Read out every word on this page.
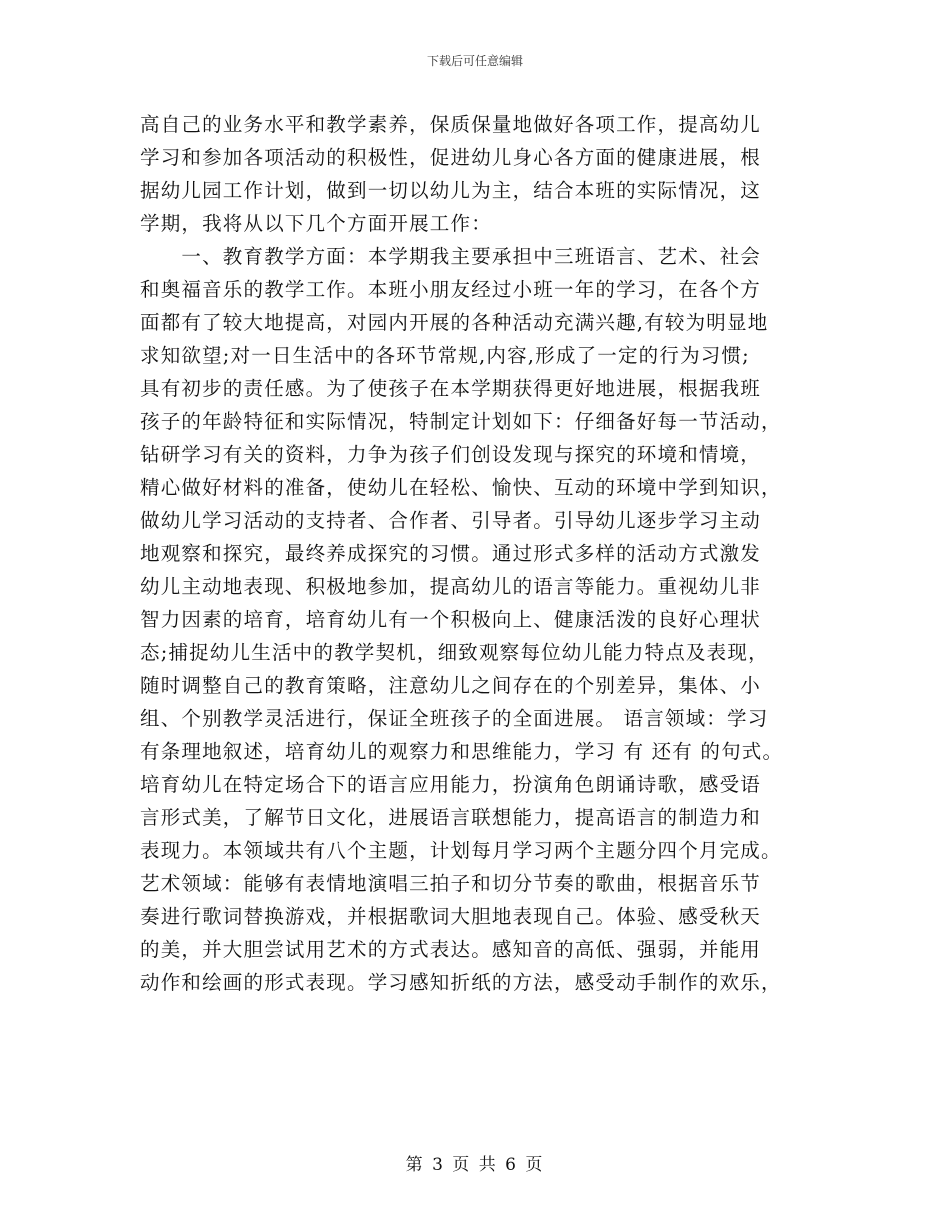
下载后可任意编辑
高自己的业务水平和教学素养，保质保量地做好各项工作，提高幼儿
学习和参加各项活动的积极性，促进幼儿身心各方面的健康进展，根
据幼儿园工作计划，做到一切以幼儿为主，结合本班的实际情况，这
学期，我将从以下几个方面开展工作：
　　一、教育教学方面：本学期我主要承担中三班语言、艺术、社会
和奥福音乐的教学工作。本班小朋友经过小班一年的学习，在各个方
面都有了较大地提高，对园内开展的各种活动充满兴趣,有较为明显地
求知欲望;对一日生活中的各环节常规,内容,形成了一定的行为习惯;
具有初步的责任感。为了使孩子在本学期获得更好地进展，根据我班
孩子的年龄特征和实际情况，特制定计划如下：仔细备好每一节活动，
钻研学习有关的资料，力争为孩子们创设发现与探究的环境和情境，
精心做好材料的准备，使幼儿在轻松、愉快、互动的环境中学到知识，
做幼儿学习活动的支持者、合作者、引导者。引导幼儿逐步学习主动
地观察和探究，最终养成探究的习惯。通过形式多样的活动方式激发
幼儿主动地表现、积极地参加，提高幼儿的语言等能力。重视幼儿非
智力因素的培育，培育幼儿有一个积极向上、健康活泼的良好心理状
态;捕捉幼儿生活中的教学契机，细致观察每位幼儿能力特点及表现，
随时调整自己的教育策略，注意幼儿之间存在的个别差异，集体、小
组、个别教学灵活进行，保证全班孩子的全面进展。 语言领域：学习
有条理地叙述，培育幼儿的观察力和思维能力，学习 有 还有 的句式。
培育幼儿在特定场合下的语言应用能力，扮演角色朗诵诗歌，感受语
言形式美，了解节日文化，进展语言联想能力，提高语言的制造力和
表现力。本领域共有八个主题，计划每月学习两个主题分四个月完成。
艺术领域：能够有表情地演唱三拍子和切分节奏的歌曲，根据音乐节
奏进行歌词替换游戏，并根据歌词大胆地表现自己。体验、感受秋天
的美，并大胆尝试用艺术的方式表达。感知音的高低、强弱，并能用
动作和绘画的形式表现。学习感知折纸的方法，感受动手制作的欢乐，
第 3 页 共 6 页
